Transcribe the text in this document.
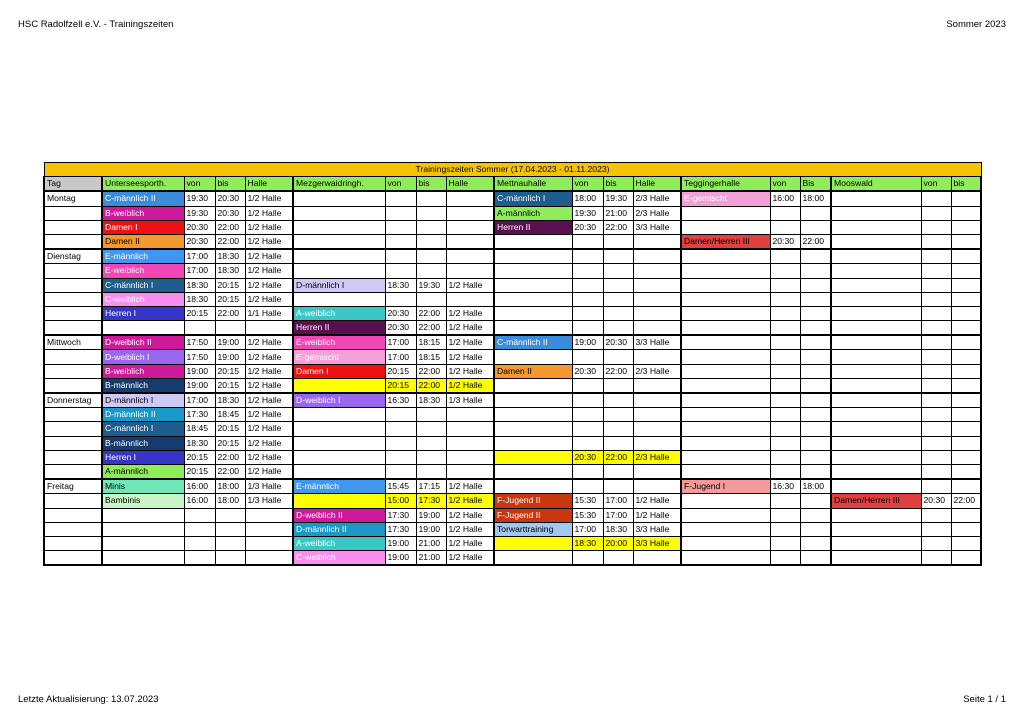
HSC Radolfzell e.V. - Trainingszeiten	Sommer 2023
Trainingszeiten Sommer (17.04.2023 - 01.11.2023)																		
Tag	Unterseesporth.	von	bis	Halle	Mezgerwaidringh.	von	bis	Halle	Mettnauhalle	von	bis	Halle	Teggingerhalle	von	Bis	Mooswald	von	bis
Montag	C-männlich II	19:30	20:30	1/2 Halle					C-männlich I	18:00	19:30	2/3 Halle	E-gemischt	16:00	18:00			
	B-weiblich	19:30	20:30	1/2 Halle					A-männlich	19:30	21:00	2/3 Halle						
	Damen I	20:30	22:00	1/2 Halle					Herren II	20:30	22:00	3/3 Halle						
	Damen II	20:30	22:00	1/2 Halle									Damen/Herren III	20:30	22:00			
Dienstag	E-männlich	17:00	18:30	1/2 Halle														
	E-weiblich	17:00	18:30	1/2 Halle														
	C-männlich I	18:30	20:15	1/2 Halle	D-männlich I	18:30	19:30	1/2 Halle										
	C-weiblich	18:30	20:15	1/2 Halle														
	Herren I	20:15	22:00	1/1 Halle	A-weiblich	20:30	22:00	1/2 Halle										
					Herren II	20:30	22:00	1/2 Halle										
Mittwoch	D-weiblich II	17:50	19:00	1/2 Halle	E-weiblich	17:00	18:15	1/2 Halle	C-männlich II	19:00	20:30	3/3 Halle						
	D-weiblich I	17:50	19:00	1/2 Halle	E-gemischt	17:00	18:15	1/2 Halle										
	B-weiblich	19:00	20:15	1/2 Halle	Damen I	20:15	22:00	1/2 Halle	Damen II	20:30	22:00	2/3 Halle						
	B-männlich	19:00	20:15	1/2 Halle		20:15	22:00	1/2 Halle										
Donnerstag	D-männlich I	17:00	18:30	1/2 Halle	D-weiblich I	16:30	18:30	1/3 Halle										
	D-männlich II	17:30	18:45	1/2 Halle														
	C-männlich I	18:45	20:15	1/2 Halle														
	B-männlich	18:30	20:15	1/2 Halle														
	Herren I	20:15	22:00	1/2 Halle						20:30	22:00	2/3 Halle						
	A-männlich	20:15	22:00	1/2 Halle														
Freitag	Minis	16:00	18:00	1/3 Halle	E-männlich	15:45	17:15	1/2 Halle					F-Jugend I	16:30	18:00			
	Bambinis	16:00	18:00	1/3 Halle		15:00	17:30	1/2 Halle	F-Jugend II	15:30	17:00	1/2 Halle				Damen/Herren III	20:30	22:00
					D-weiblich II	17:30	19:00	1/2 Halle	F-Jugend II	15:30	17:00	1/2 Halle						
					D-männlich II	17:30	19:00	1/2 Halle	Torwarttraining	17:00	18:30	3/3 Halle						
					A-weiblich	19:00	21:00	1/2 Halle		18:30	20:00	3/3 Halle						
					C-weiblich	19:00	21:00	1/2 Halle										
Letzte Aktualisierung: 13.07.2023	Seite 1 / 1
